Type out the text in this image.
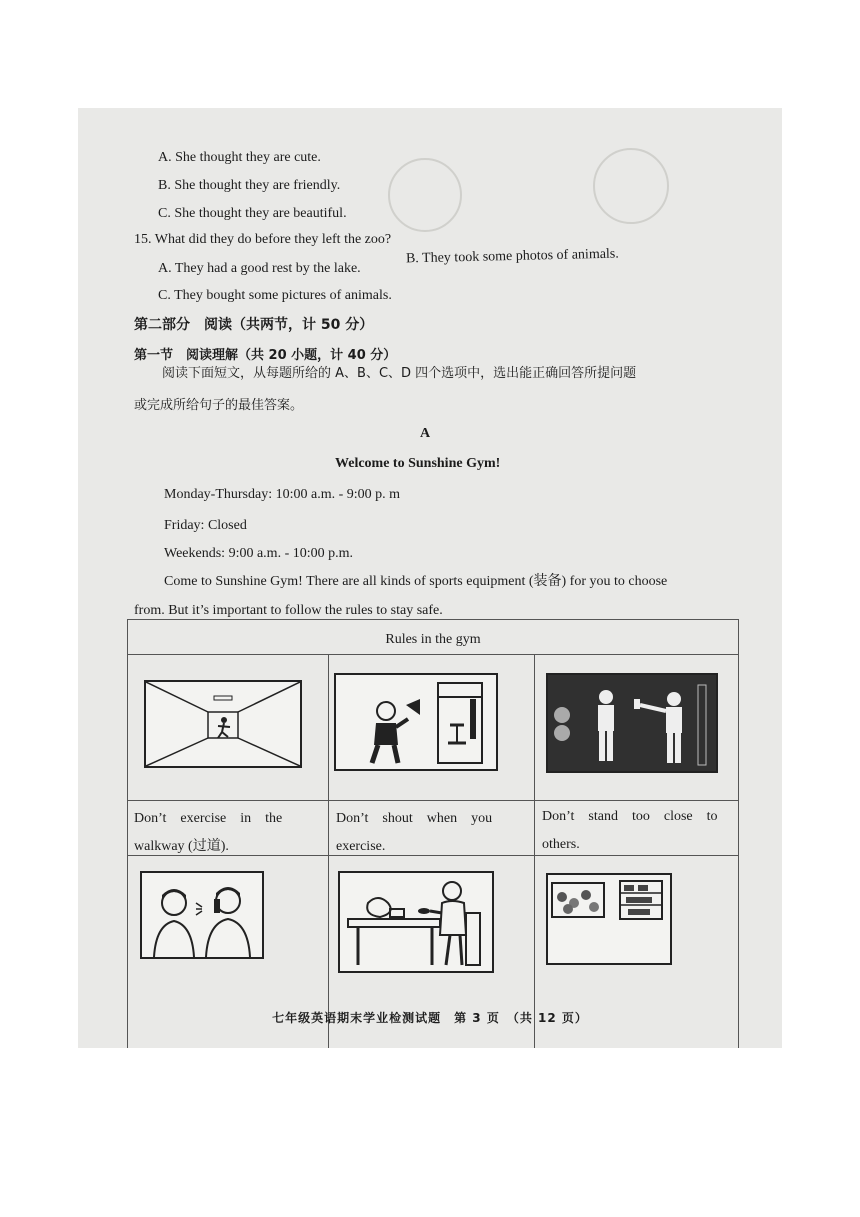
A. She thought they are cute.
B. She thought they are friendly.
C. She thought they are beautiful.
15. What did they do before they left the zoo?
A. They had a good rest by the lake.
B. They took some photos of animals.
C. They bought some pictures of animals.
第二部分　阅读（共两节，计 50 分）
第一节　阅读理解（共 20 小题，计 40 分）
阅读下面短文，从每题所给的 A、B、C、D 四个选项中，选出能正确回答所提问题
或完成所给句子的最佳答案。
A
Welcome to Sunshine Gym!
Monday-Thursday: 10:00 a.m. - 9:00 p. m
Friday: Closed
Weekends: 9:00 a.m. - 10:00 p.m.
Come to Sunshine Gym! There are all kinds of sports equipment (装备) for you to choose
from. But it’s important to follow the rules to stay safe.
Rules in the gym
Don’t　exercise　in　the
walkway (过道).
Don’t　shout　when　you
exercise.
Don’t　stand　too　close　to
others.
七年级英语期末学业检测试题　第 3 页　（共 12 页）
